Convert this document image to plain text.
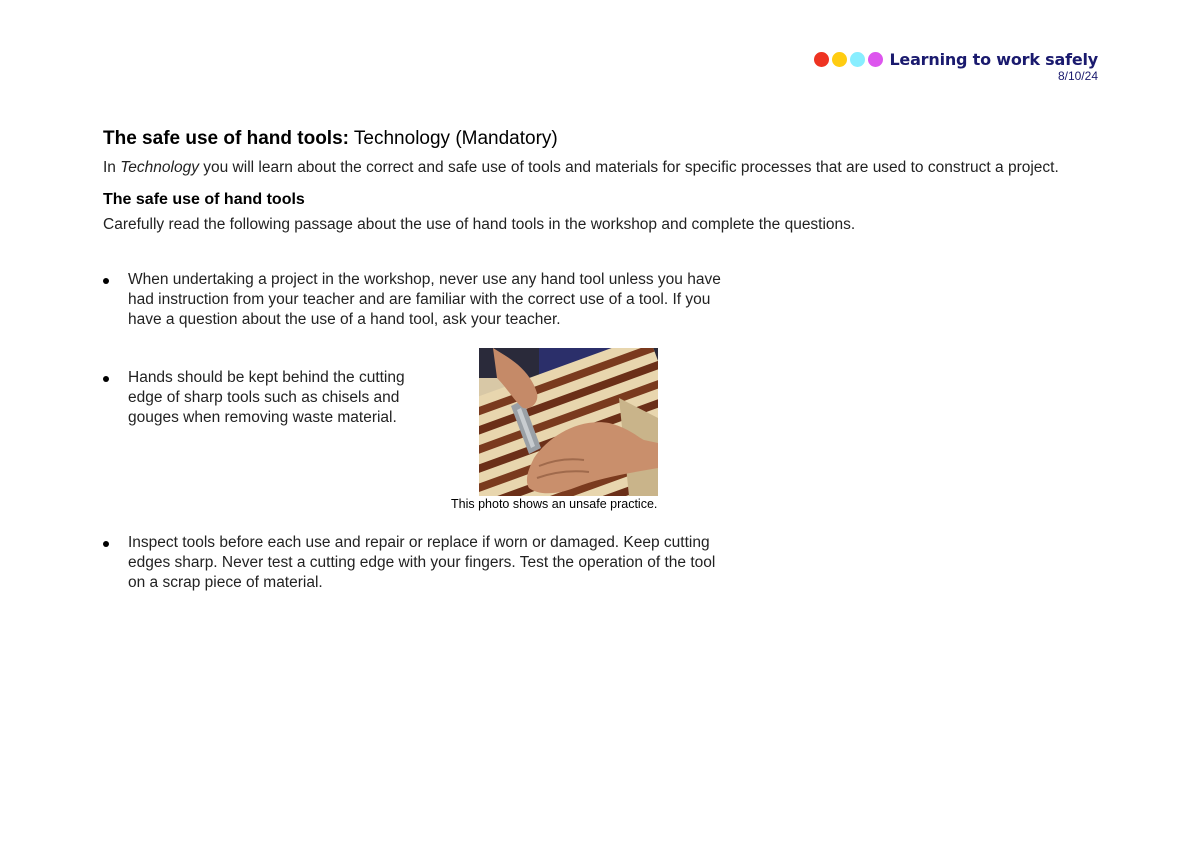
Learning to work safely
8/10/24
The safe use of hand tools: Technology (Mandatory)

In Technology you will learn about the correct and safe use of tools and materials for specific processes that are used to construct a project.

The safe use of hand tools

Carefully read the following passage about the use of hand tools in the workshop and complete the questions.

When undertaking a project in the workshop, never use any hand tool unless you have had instruction from your teacher and are familiar with the correct use of a tool. If you have a question about the use of a hand tool, ask your teacher.
Hands should be kept behind the cutting edge of sharp tools such as chisels and gouges when removing waste material.
This photo shows an unsafe practice.
Inspect tools before each use and repair or replace if worn or damaged. Keep cutting edges sharp. Never test a cutting edge with your fingers. Test the operation of the tool on a scrap piece of material.
